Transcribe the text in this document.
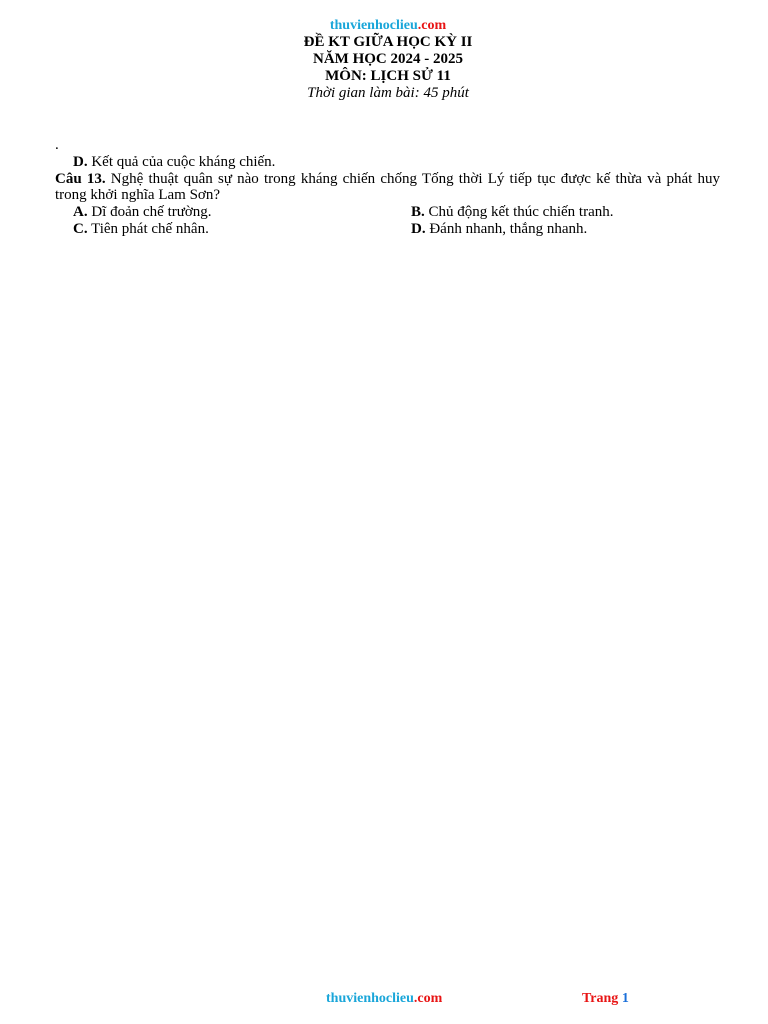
thuvienhoclieu.com
ĐỀ KT GIỮA HỌC KỲ II
NĂM HỌC 2024 - 2025
MÔN: LỊCH SỬ 11
Thời gian làm bài: 45 phút
.
D. Kết quả của cuộc kháng chiến.
Câu 13. Nghệ thuật quân sự nào trong kháng chiến chống Tống thời Lý tiếp tục được kế thừa và phát huy
trong khởi nghĩa Lam Sơn?
A. Dĩ đoản chế trường.	B. Chủ động kết thúc chiến tranh.
C. Tiên phát chế nhân.	D. Đánh nhanh, thắng nhanh.
thuvienhoclieu.com	Trang 1
